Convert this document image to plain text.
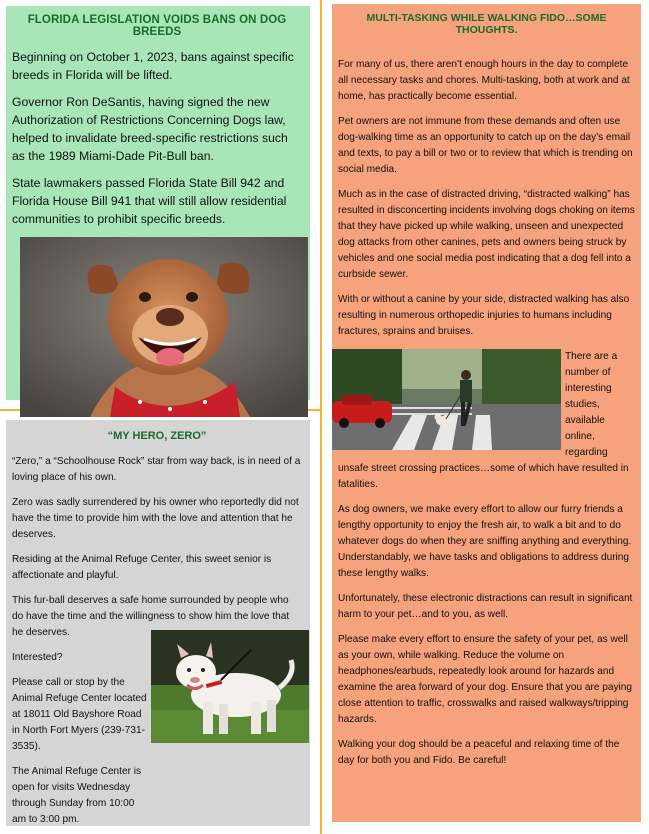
FLORIDA LEGISLATION VOIDS BANS ON DOG BREEDS

Beginning on October 1, 2023, bans against specific breeds in Florida will be lifted.

Governor Ron DeSantis, having signed the new Authorization of Restrictions Concerning Dogs law, helped to invalidate breed-specific restrictions such as the 1989 Miami-Dade Pit-Bull ban.

State lawmakers passed Florida State Bill 942 and Florida House Bill 941 that will still allow residential communities to prohibit specific breeds.

“MY HERO, ZERO”

“Zero,” a “Schoolhouse Rock” star from way back, is in need of a loving place of his own.

Zero was sadly surrendered by his owner who reportedly did not have the time to provide him with the love and attention that he deserves.

Residing at the Animal Refuge Center, this sweet senior is affectionate and playful.

This fur-ball deserves a safe home surrounded by people who do have the time and the willingness to show him the love that he deserves.

Interested?

Please call or stop by the Animal Refuge Center located at 18011 Old Bayshore Road in North Fort Myers (239-731-3535).

The Animal Refuge Center is open for visits Wednesday through Sunday from 10:00 am to 3:00 pm.

MULTI-TASKING WHILE WALKING FIDO…SOME THOUGHTS.

For many of us, there aren’t enough hours in the day to complete all necessary tasks and chores. Multi-tasking, both at work and at home, has practically become essential.

Pet owners are not immune from these demands and often use dog-walking time as an opportunity to catch up on the day’s email and texts, to pay a bill or two or to review that which is trending on social media.

Much as in the case of distracted driving, “distracted walking” has resulted in disconcerting incidents involving dogs choking on items that they have picked up while walking, unseen and unexpected dog attacks from other canines, pets and owners being struck by vehicles and one social media post indicating that a dog fell into a curbside sewer.

With or without a canine by your side, distracted walking has also resulting in numerous orthopedic injuries to humans including fractures, sprains and bruises.

There are a number of interesting studies, available online, regarding unsafe street crossing practices…some of which have resulted in fatalities.

As dog owners, we make every effort to allow our furry friends a lengthy opportunity to enjoy the fresh air, to walk a bit and to do whatever dogs do when they are sniffing anything and everything. Understandably, we have tasks and obligations to address during these lengthy walks.

Unfortunately, these electronic distractions can result in significant harm to your pet…and to you, as well.

Please make every effort to ensure the safety of your pet, as well as your own, while walking. Reduce the volume on headphones/earbuds, repeatedly look around for hazards and examine the area forward of your dog. Ensure that you are paying close attention to traffic, crosswalks and raised walkways/tripping hazards.

Walking your dog should be a peaceful and relaxing time of the day for both you and Fido. Be careful!
